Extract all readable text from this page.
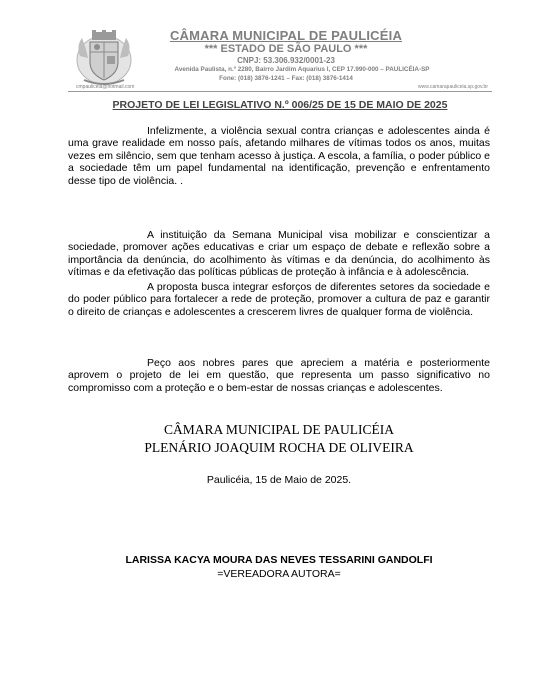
CÂMARA MUNICIPAL DE PAULICÉIA
*** ESTADO DE SÃO PAULO ***
CNPJ: 53.306.932/0001-23
Avenida Paulista, n.º 2280, Bairro Jardim Aquarius I, CEP 17.990-000 – PAULICÉIA-SP
Fone: (018) 3876-1241 – Fax: (018) 3876-1414
cmpaulicéia@hotmail.com	www.camarapauliceia.sp.gov.br
PROJETO DE LEI LEGISLATIVO N.º 006/25 DE 15 DE MAIO DE 2025
Infelizmente, a violência sexual contra crianças e adolescentes ainda é uma grave realidade em nosso país, afetando milhares de vítimas todos os anos, muitas vezes em silêncio, sem que tenham acesso à justiça. A escola, a família, o poder público e a sociedade têm um papel fundamental na identificação, prevenção e enfrentamento desse tipo de violência. .
A instituição da Semana Municipal visa mobilizar e conscientizar a sociedade, promover ações educativas e criar um espaço de debate e reflexão sobre a importância da denúncia, do acolhimento às vítimas e da denúncia, do acolhimento às vítimas e da efetivação das políticas públicas de proteção à infância e à adolescência.
A proposta busca integrar esforços de diferentes setores da sociedade e do poder público para fortalecer a rede de proteção, promover a cultura de paz e garantir o direito de crianças e adolescentes a crescerem livres de qualquer forma de violência.
Peço aos nobres pares que apreciem a matéria e posteriormente aprovem o projeto de lei em questão, que representa um passo significativo no compromisso com a proteção e o bem-estar de nossas crianças e adolescentes.
CÂMARA MUNICIPAL DE PAULICÉIA
PLENÁRIO JOAQUIM ROCHA DE OLIVEIRA
Paulicéia, 15 de Maio de 2025.
LARISSA KACYA MOURA DAS NEVES TESSARINI GANDOLFI
=VEREADORA AUTORA=
